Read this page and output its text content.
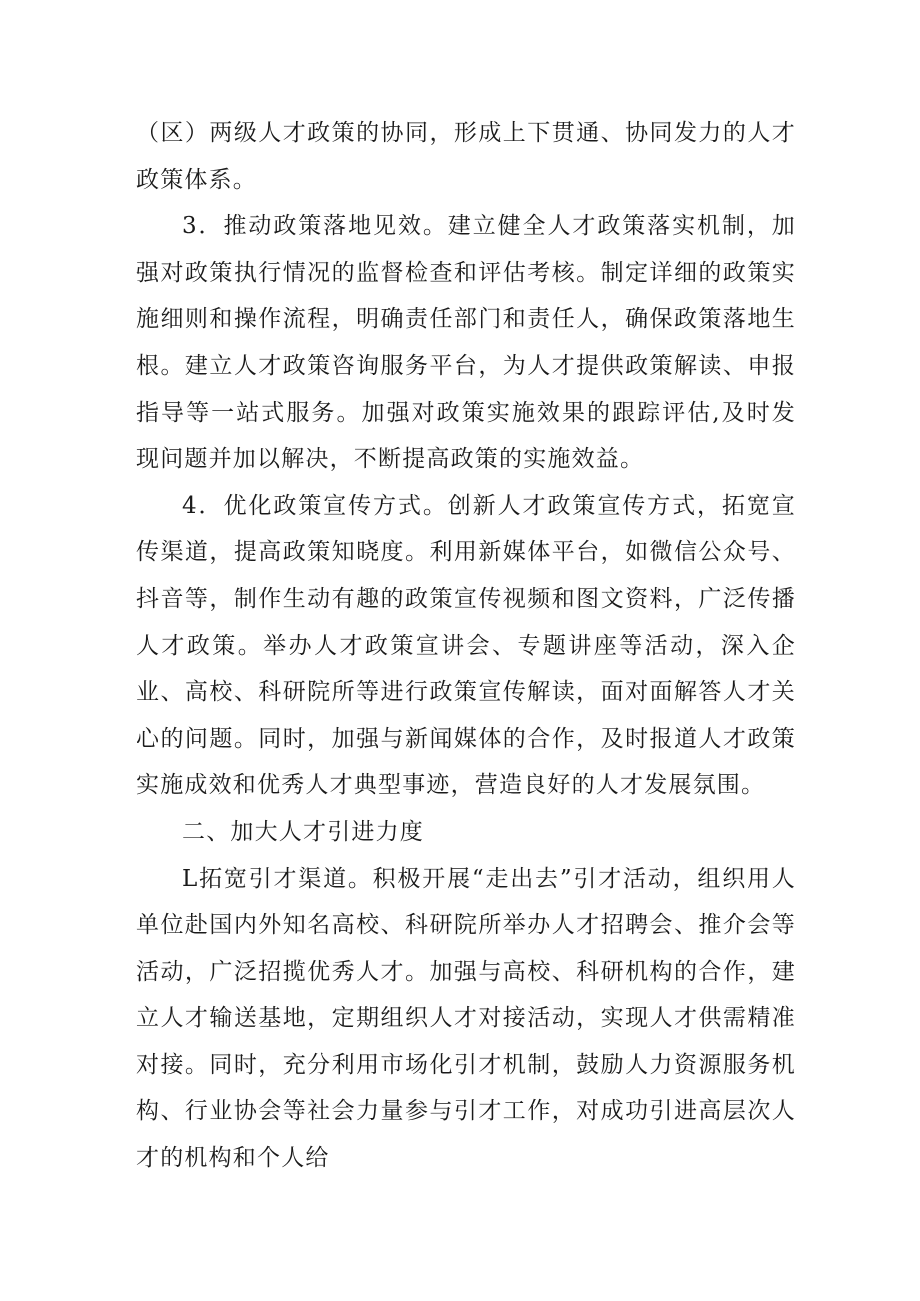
（区）两级人才政策的协同，形成上下贯通、协同发力的人才政策体系。

3．推动政策落地见效。建立健全人才政策落实机制，加强对政策执行情况的监督检查和评估考核。制定详细的政策实施细则和操作流程，明确责任部门和责任人，确保政策落地生根。建立人才政策咨询服务平台，为人才提供政策解读、申报指导等一站式服务。加强对政策实施效果的跟踪评估,及时发现问题并加以解决，不断提高政策的实施效益。

4．优化政策宣传方式。创新人才政策宣传方式，拓宽宣传渠道，提高政策知晓度。利用新媒体平台，如微信公众号、抖音等，制作生动有趣的政策宣传视频和图文资料，广泛传播人才政策。举办人才政策宣讲会、专题讲座等活动，深入企业、高校、科研院所等进行政策宣传解读，面对面解答人才关心的问题。同时，加强与新闻媒体的合作，及时报道人才政策实施成效和优秀人才典型事迹，营造良好的人才发展氛围。

二、加大人才引进力度

L拓宽引才渠道。积极开展“走出去”引才活动，组织用人单位赴国内外知名高校、科研院所举办人才招聘会、推介会等活动，广泛招揽优秀人才。加强与高校、科研机构的合作，建立人才输送基地，定期组织人才对接活动，实现人才供需精准对接。同时，充分利用市场化引才机制，鼓励人力资源服务机构、行业协会等社会力量参与引才工作，对成功引进高层次人才的机构和个人给
